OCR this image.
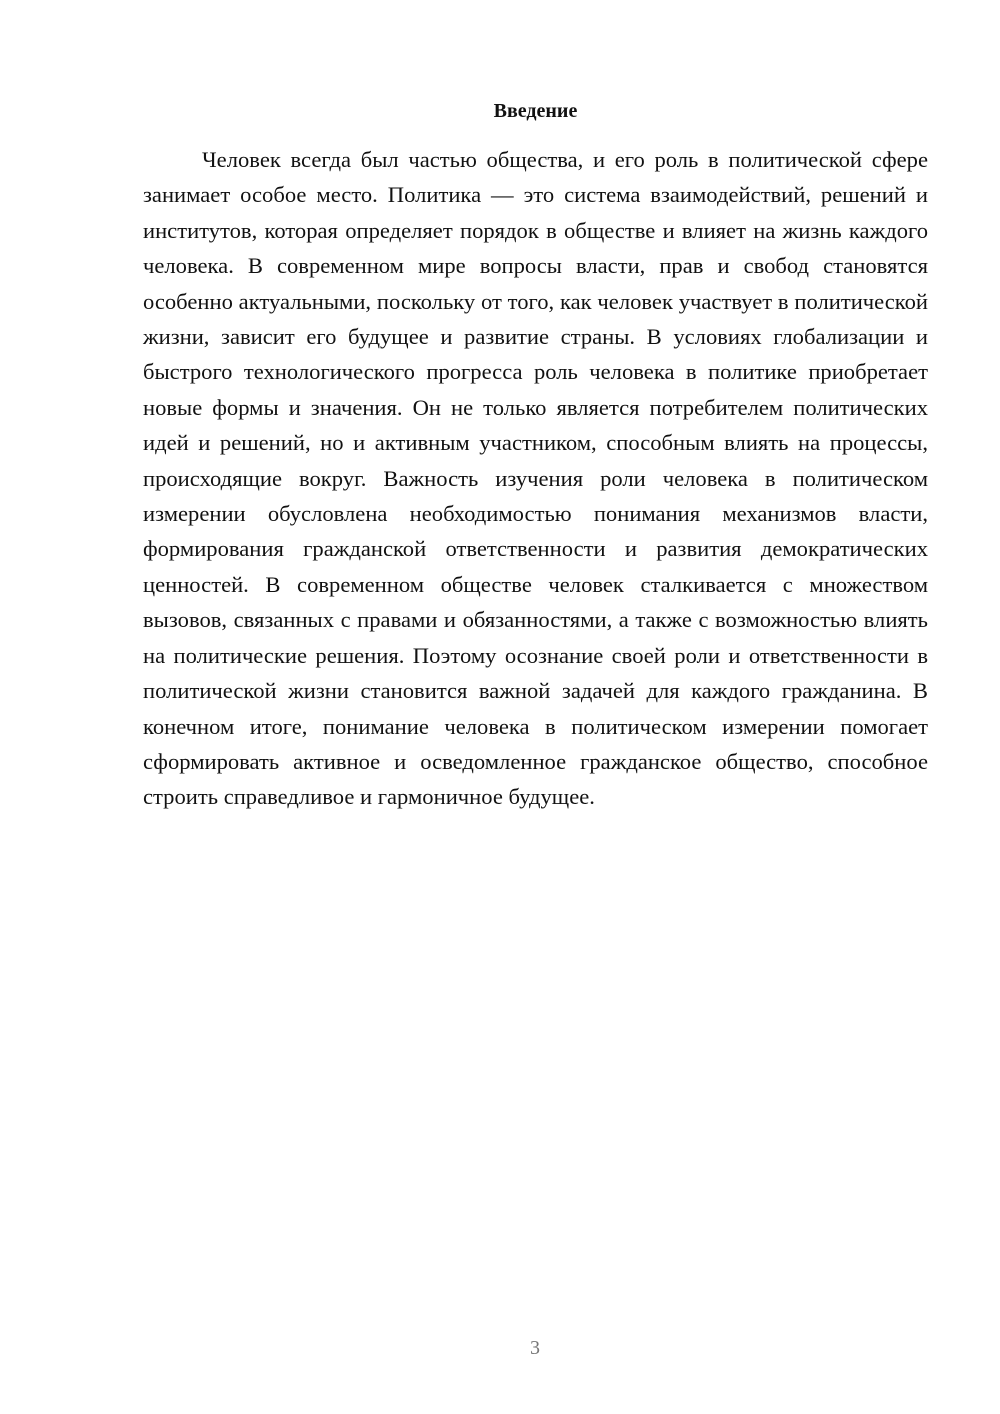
Введение

Человек всегда был частью общества, и его роль в политической сфере занимает особое место. Политика — это система взаимодействий, решений и институтов, которая определяет порядок в обществе и влияет на жизнь каждого человека. В современном мире вопросы власти, прав и свобод становятся особенно актуальными, поскольку от того, как человек участвует в политической жизни, зависит его будущее и развитие страны. В условиях глобализации и быстрого технологического прогресса роль человека в политике приобретает новые формы и значения. Он не только является потребителем политических идей и решений, но и активным участником, способным влиять на процессы, происходящие вокруг. Важность изучения роли человека в политическом измерении обусловлена необходимостью понимания механизмов власти, формирования гражданской ответственности и развития демократических ценностей. В современном обществе человек сталкивается с множеством вызовов, связанных с правами и обязанностями, а также с возможностью влиять на политические решения. Поэтому осознание своей роли и ответственности в политической жизни становится важной задачей для каждого гражданина. В конечном итоге, понимание человека в политическом измерении помогает сформировать активное и осведомленное гражданское общество, способное строить справедливое и гармоничное будущее.

3
